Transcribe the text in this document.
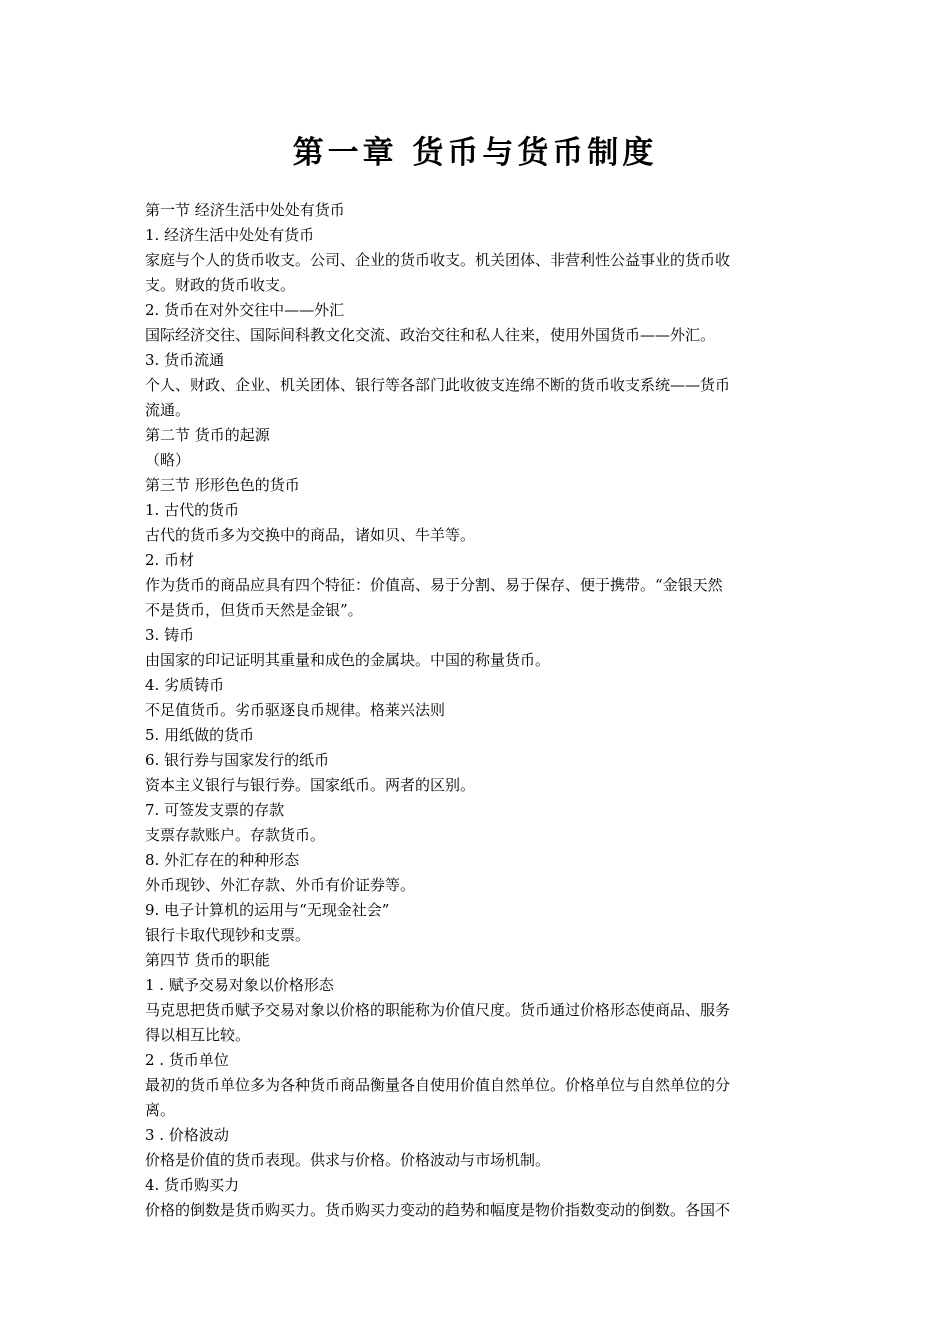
第一章 货币与货币制度
第一节 经济生活中处处有货币
1. 经济生活中处处有货币
家庭与个人的货币收支。公司、企业的货币收支。机关团体、非营利性公益事业的货币收
支。财政的货币收支。
2. 货币在对外交往中——外汇
国际经济交往、国际间科教文化交流、政治交往和私人往来，使用外国货币——外汇。
3. 货币流通
个人、财政、企业、机关团体、银行等各部门此收彼支连绵不断的货币收支系统——货币
流通。
第二节 货币的起源
（略）
第三节 形形色色的货币
1. 古代的货币
古代的货币多为交换中的商品，诸如贝、牛羊等。
2. 币材
作为货币的商品应具有四个特征：价值高、易于分割、易于保存、便于携带。“金银天然
不是货币，但货币天然是金银”。
3. 铸币
由国家的印记证明其重量和成色的金属块。中国的称量货币。
4. 劣质铸币
不足值货币。劣币驱逐良币规律。格莱兴法则
5. 用纸做的货币
6. 银行券与国家发行的纸币
资本主义银行与银行券。国家纸币。两者的区别。
7. 可签发支票的存款
支票存款账户。存款货币。
8. 外汇存在的种种形态
外币现钞、外汇存款、外币有价证券等。
9. 电子计算机的运用与“无现金社会”
银行卡取代现钞和支票。
第四节 货币的职能
1 . 赋予交易对象以价格形态
马克思把货币赋予交易对象以价格的职能称为价值尺度。货币通过价格形态使商品、服务
得以相互比较。
2 . 货币单位
最初的货币单位多为各种货币商品衡量各自使用价值自然单位。价格单位与自然单位的分
离。
3 . 价格波动
价格是价值的货币表现。供求与价格。价格波动与市场机制。
4. 货币购买力
价格的倒数是货币购买力。货币购买力变动的趋势和幅度是物价指数变动的倒数。各国不
